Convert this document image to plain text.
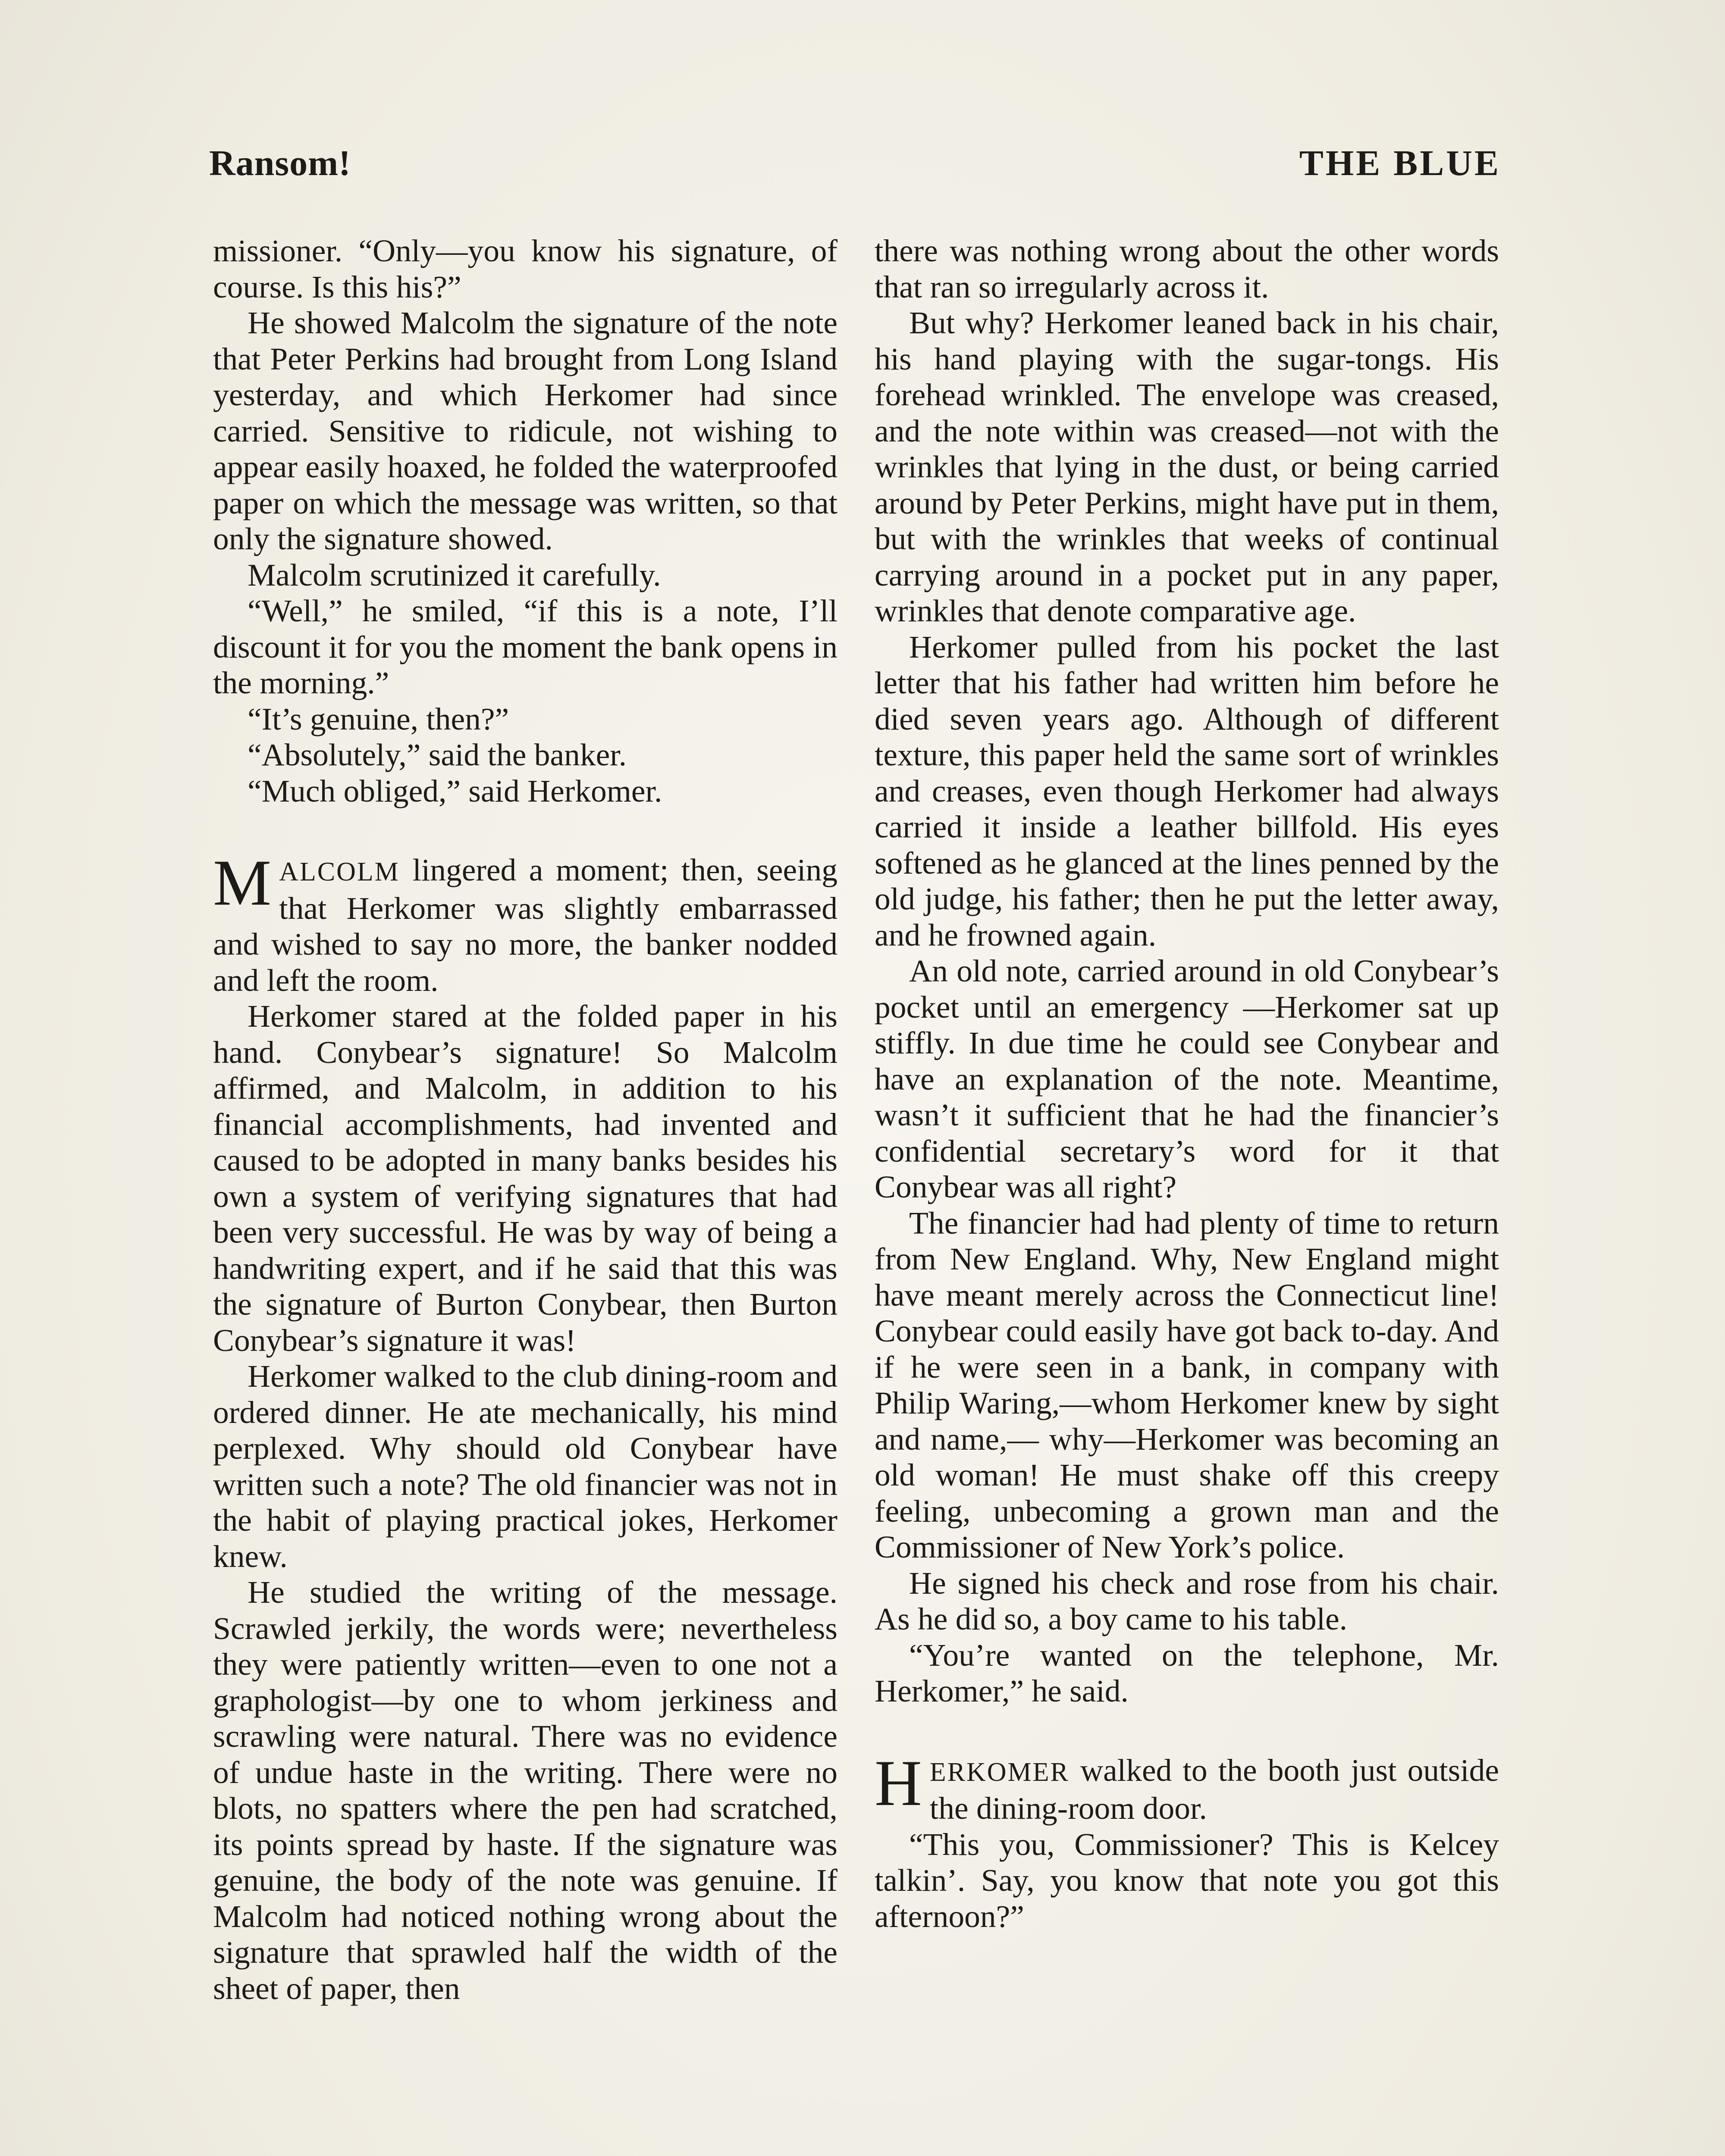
Ransom!	THE BLUE

missioner. “Only—you know his signature, of course. Is this his?”

He showed Malcolm the signature of the note that Peter Perkins had brought from Long Island yesterday, and which Herkomer had since carried. Sensitive to ridicule, not wishing to appear easily hoaxed, he folded the waterproofed paper on which the message was written, so that only the signature showed.

Malcolm scrutinized it carefully.

“Well,” he smiled, “if this is a note, I’ll discount it for you the moment the bank opens in the morning.”

“It’s genuine, then?”

“Absolutely,” said the banker.

“Much obliged,” said Herkomer.

MALCOLM lingered a moment; then, seeing that Herkomer was slightly embarrassed and wished to say no more, the banker nodded and left the room.

Herkomer stared at the folded paper in his hand. Conybear’s signature! So Malcolm affirmed, and Malcolm, in addition to his financial accomplishments, had invented and caused to be adopted in many banks besides his own a system of verifying signatures that had been very successful. He was by way of being a handwriting expert, and if he said that this was the signature of Burton Conybear, then Burton Conybear’s signature it was!

Herkomer walked to the club dining-room and ordered dinner. He ate mechanically, his mind perplexed. Why should old Conybear have written such a note? The old financier was not in the habit of playing practical jokes, Herkomer knew.

He studied the writing of the message. Scrawled jerkily, the words were; nevertheless they were patiently written—even to one not a graphologist—by one to whom jerkiness and scrawling were natural. There was no evidence of undue haste in the writing. There were no blots, no spatters where the pen had scratched, its points spread by haste. If the signature was genuine, the body of the note was genuine. If Malcolm had noticed nothing wrong about the signature that sprawled half the width of the sheet of paper, then

there was nothing wrong about the other words that ran so irregularly across it.

But why? Herkomer leaned back in his chair, his hand playing with the sugar-tongs. His forehead wrinkled. The envelope was creased, and the note within was creased—not with the wrinkles that lying in the dust, or being carried around by Peter Perkins, might have put in them, but with the wrinkles that weeks of continual carrying around in a pocket put in any paper, wrinkles that denote comparative age.

Herkomer pulled from his pocket the last letter that his father had written him before he died seven years ago. Although of different texture, this paper held the same sort of wrinkles and creases, even though Herkomer had always carried it inside a leather billfold. His eyes softened as he glanced at the lines penned by the old judge, his father; then he put the letter away, and he frowned again.

An old note, carried around in old Conybear’s pocket until an emergency —Herkomer sat up stiffly. In due time he could see Conybear and have an explanation of the note. Meantime, wasn’t it sufficient that he had the financier’s confidential secretary’s word for it that Conybear was all right?

The financier had had plenty of time to return from New England. Why, New England might have meant merely across the Connecticut line! Conybear could easily have got back to-day. And if he were seen in a bank, in company with Philip Waring,—whom Herkomer knew by sight and name,— why—Herkomer was becoming an old woman! He must shake off this creepy feeling, unbecoming a grown man and the Commissioner of New York’s police.

He signed his check and rose from his chair. As he did so, a boy came to his table.

“You’re wanted on the telephone, Mr. Herkomer,” he said.

HERKOMER walked to the booth just outside the dining-room door.

“This you, Commissioner? This is Kelcey talkin’. Say, you know that note you got this afternoon?”
